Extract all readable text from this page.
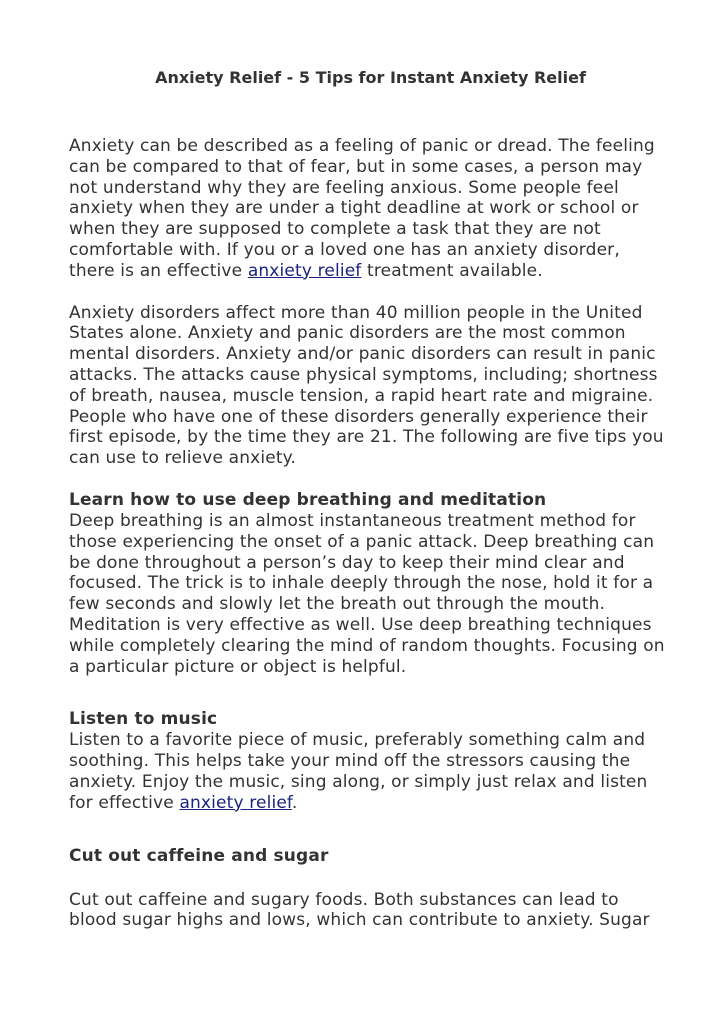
Anxiety Relief - 5 Tips for Instant Anxiety Relief

Anxiety can be described as a feeling of panic or dread. The feeling can be compared to that of fear, but in some cases, a person may not understand why they are feeling anxious. Some people feel anxiety when they are under a tight deadline at work or school or when they are supposed to complete a task that they are not comfortable with. If you or a loved one has an anxiety disorder, there is an effective anxiety relief treatment available.

Anxiety disorders affect more than 40 million people in the United States alone. Anxiety and panic disorders are the most common mental disorders. Anxiety and/or panic disorders can result in panic attacks. The attacks cause physical symptoms, including; shortness of breath, nausea, muscle tension, a rapid heart rate and migraine. People who have one of these disorders generally experience their first episode, by the time they are 21. The following are five tips you can use to relieve anxiety.

Learn how to use deep breathing and meditation

Deep breathing is an almost instantaneous treatment method for those experiencing the onset of a panic attack. Deep breathing can be done throughout a person’s day to keep their mind clear and focused. The trick is to inhale deeply through the nose, hold it for a few seconds and slowly let the breath out through the mouth. Meditation is very effective as well. Use deep breathing techniques while completely clearing the mind of random thoughts. Focusing on a particular picture or object is helpful.

Listen to music

Listen to a favorite piece of music, preferably something calm and soothing. This helps take your mind off the stressors causing the anxiety. Enjoy the music, sing along, or simply just relax and listen for effective anxiety relief.

Cut out caffeine and sugar

Cut out caffeine and sugary foods. Both substances can lead to blood sugar highs and lows, which can contribute to anxiety. Sugar
